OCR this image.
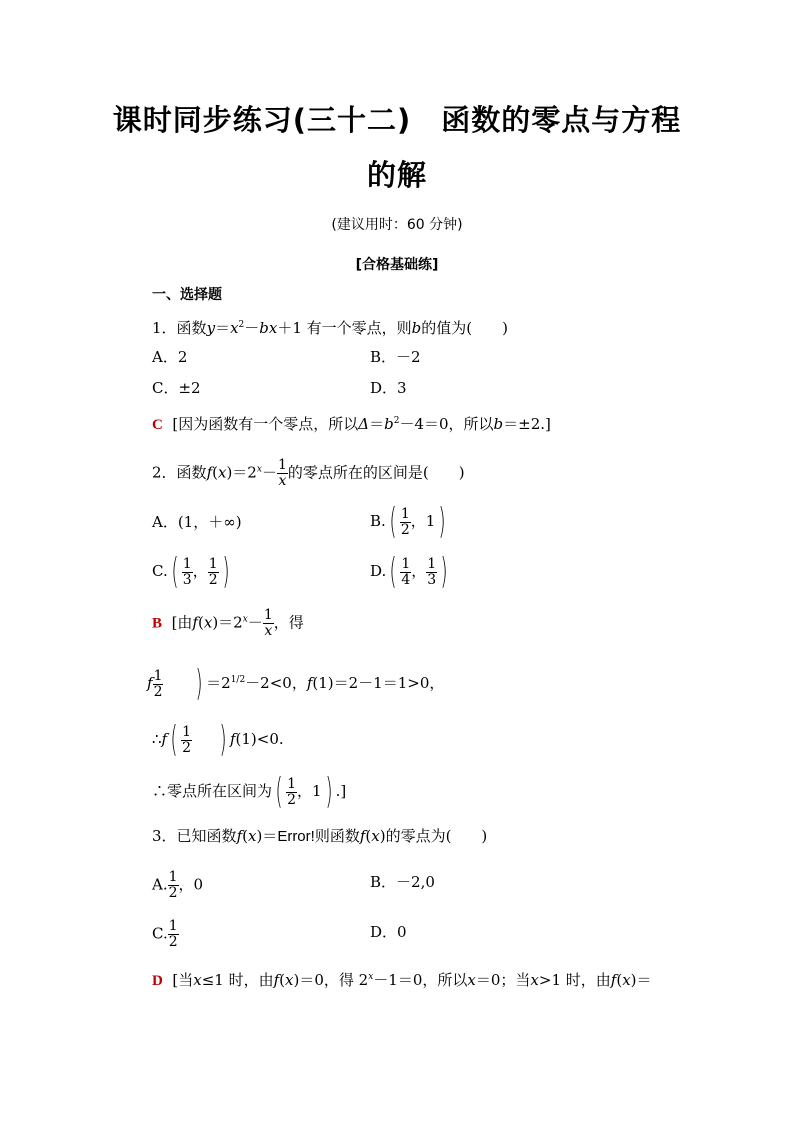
课时同步练习(三十二)　函数的零点与方程
的解
(建议用时：60 分钟)
[合格基础练]
一、选择题
1．函数$y=x^2-bx+1$ 有一个零点，则b的值为(　　)
A．2	B．－2
C．±2	D．3
C [因为函数有一个零点，所以$\Delta=b^2-4=0$，所以b＝±2.]
2．函数$f(x)=2^x- \frac{1}{x}$ 的零点所在的区间是(　　)
A．(1，＋∞)	$B.( \frac{1}{2}$ ，1)
$C.( \frac{1}{3}$ ， $\frac{1}{2}$ )	$D.( \frac{1}{4}$ ， $\frac{1}{3}$ )
B [由$f(x)=2^x- \frac{1}{x}$ ，得
f $\frac{1}{2}$ ) $=2^{1/2}-2<0$，f(1)＝2－1＝1>0，
∴f( $\frac{1}{2}$ ) f(1)<0.
∴零点所在区间为( $\frac{1}{2}$ ，1) .]
3．已知函数f(x)＝Error!则函数f(x)的零点为(　　)
A. $\frac{1}{2}$ ，0	B．－2,0
C. $\frac{1}{2}$	D．0
D [当x≤1 时，由f(x)＝0，得 $2^x-1=0$，所以x＝0；当x>1 时，由f(x)＝
